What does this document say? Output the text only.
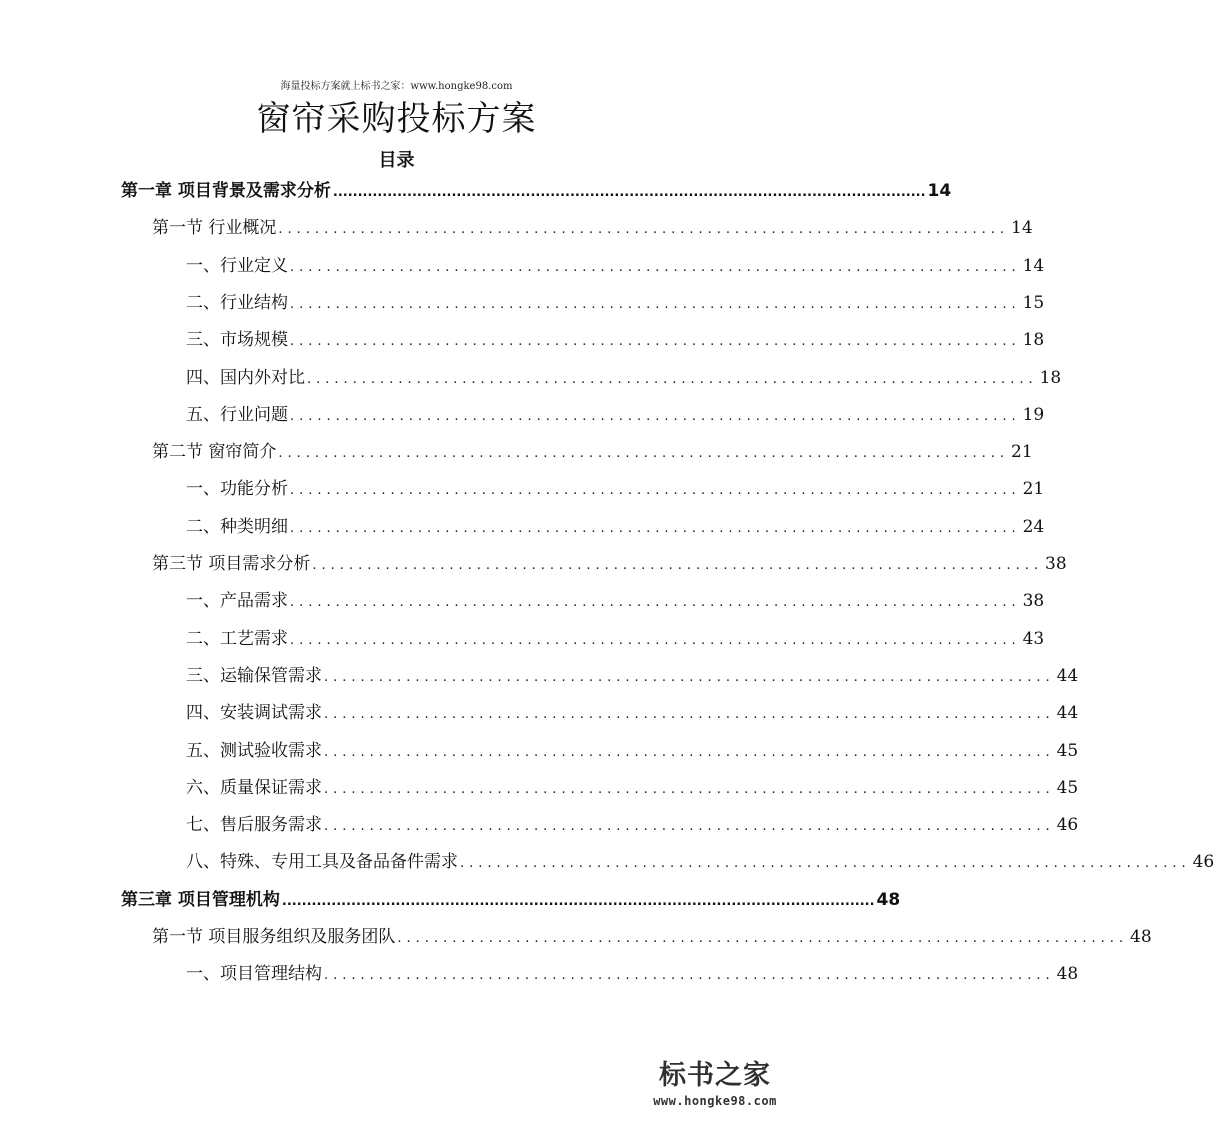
海量投标方案就上标书之家：www.hongke98.com
窗帘采购投标方案
目录
第一章 项目背景及需求分析 ........................................................................................................................ 14
第一节 行业概况 ................................................................................ 14
一、行业定义 ................................................................................ 14
二、行业结构 ................................................................................ 15
三、市场规模 ................................................................................ 18
四、国内外对比 ................................................................................ 18
五、行业问题 ................................................................................ 19
第二节 窗帘简介 ................................................................................ 21
一、功能分析 ................................................................................ 21
二、种类明细 ................................................................................ 24
第三节 项目需求分析 ................................................................................ 38
一、产品需求 ................................................................................ 38
二、工艺需求 ................................................................................ 43
三、运输保管需求 ................................................................................ 44
四、安装调试需求 ................................................................................ 44
五、测试验收需求 ................................................................................ 45
六、质量保证需求 ................................................................................ 45
七、售后服务需求 ................................................................................ 46
八、特殊、专用工具及备品备件需求 ................................................................................ 46
第三章 项目管理机构 ........................................................................................................................ 48
第一节 项目服务组织及服务团队 ................................................................................ 48
一、项目管理结构 ................................................................................ 48
标书之家
www.hongke98.com
